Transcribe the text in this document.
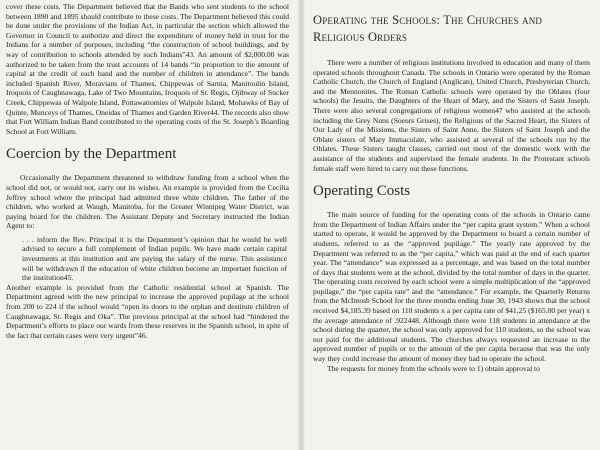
cover these costs. The Department believed that the Bands who sent students to the school between 1890 and 1895 should contribute to these costs. The Department believed this could be done under the provisions of the Indian Act, in particular the section which allowed the Governor in Council to authorize and direct the expenditure of money held in trust for the Indians for a number of purposes, including “the construction of school buildings, and by way of contribution to schools attended by such Indians”43. An amount of $2,000.00 was authorized to be taken from the trust accounts of 14 bands “in proportion to the amount of capital at the credit of each band and the number of children in attendance”. The bands included Spanish River, Moravians of Thames, Chippewas of Sarnia, Manitoulin Island, Iroquois of Caughnawaga, Lake of Two Mountains, Iroquois of St. Regis, Ojibway of Sucker Creek, Chippewas of Walpole Island, Pottawattomies of Walpole Island, Mohawks of Bay of Quinte, Munceys of Thames, Oneidas of Thames and Garden River44. The records also show that Fort William Indian Band contributed to the operating costs of the St. Joseph’s Boarding School at Fort William.

Coercion by the Department

Occasionally the Department threatened to withdraw funding from a school when the school did not, or would not, carry out its wishes. An example is provided from the Cecilia Jeffrey school where the principal had admitted three white children. The father of the children, who worked at Waugh, Manitoba, for the Greater Winnipeg Water District, was paying board for the children. The Assistant Deputy and Secretary instructed the Indian Agent to:

. . . inform the Rev. Principal it is the Department’s opinion that he would be well advised to secure a full complement of Indian pupils. We have made certain capital investments at this institution and are paying the salary of the nurse. This assistance will be withdrawn if the education of white children become an important function of the institution45.

Another example is provided from the Catholic residential school at Spanish. The Department agreed with the new principal to increase the approved pupilage at the school from 200 to 224 if the school would “open its doors to the orphan and destitute children of Caughnawaga, St. Regis and Oka”. The previous principal at the school had “hindered the Department’s efforts to place our wards from these reserves in the Spanish school, in spite of the fact that certain cases were very urgent”46.

Operating the Schools: The Churches and Religious Orders

There were a number of religious institutions involved in education and many of them operated schools throughout Canada. The schools in Ontario were operated by the Roman Catholic Church, the Church of England (Anglican), United Church, Presbyterian Church, and the Mennonites. The Roman Catholic schools were operated by the Oblates (four schools) the Jesuits, the Daughters of the Heart of Mary, and the Sisters of Saint Joseph. There were also several congregations of religious women47 who assisted at the schools including the Grey Nuns (Soeurs Grises), the Religious of the Sacred Heart, the Sisters of Our Lady of the Missions, the Sisters of Saint Anne, the Sisters of Saint Joseph and the Oblate sisters of Mary Immaculate, who assisted at several of the schools run by the Oblates. These Sisters taught classes, carried out most of the domestic work with the assistance of the students and supervised the female students. In the Protestant schools female staff were hired to carry out these functions.

Operating Costs

The main source of funding for the operating costs of the schools in Ontario came from the Department of Indian Affairs under the “per capita grant system.” When a school started to operate, it would be approved by the Department to board a certain number of students, referred to as the “approved pupilage.” The yearly rate approved by the Department was referred to as the “per capita,” which was paid at the end of each quarter year. The “attendance” was expressed as a percentage, and was based on the total number of days that students were at the school, divided by the total number of days in the quarter. The operating costs received by each school were a simple multiplication of the “approved pupilage,” the “per capita rate” and the “attendance.” For example, the Quarterly Returns from the McIntosh School for the three months ending June 30, 1943 shows that the school received $4,185.39 based on 110 students x a per capita rate of $41.25 ($165.00 per year) x the average attendance of .922448. Although there were 118 students in attendance at the school during the quarter, the school was only approved for 110 students, so the school was not paid for the additional students. The churches always requested an increase to the approved number of pupils or to the amount of the per capita because that was the only way they could increase the amount of money they had to operate the school.

The requests for money from the schools were to 1) obtain approval to
